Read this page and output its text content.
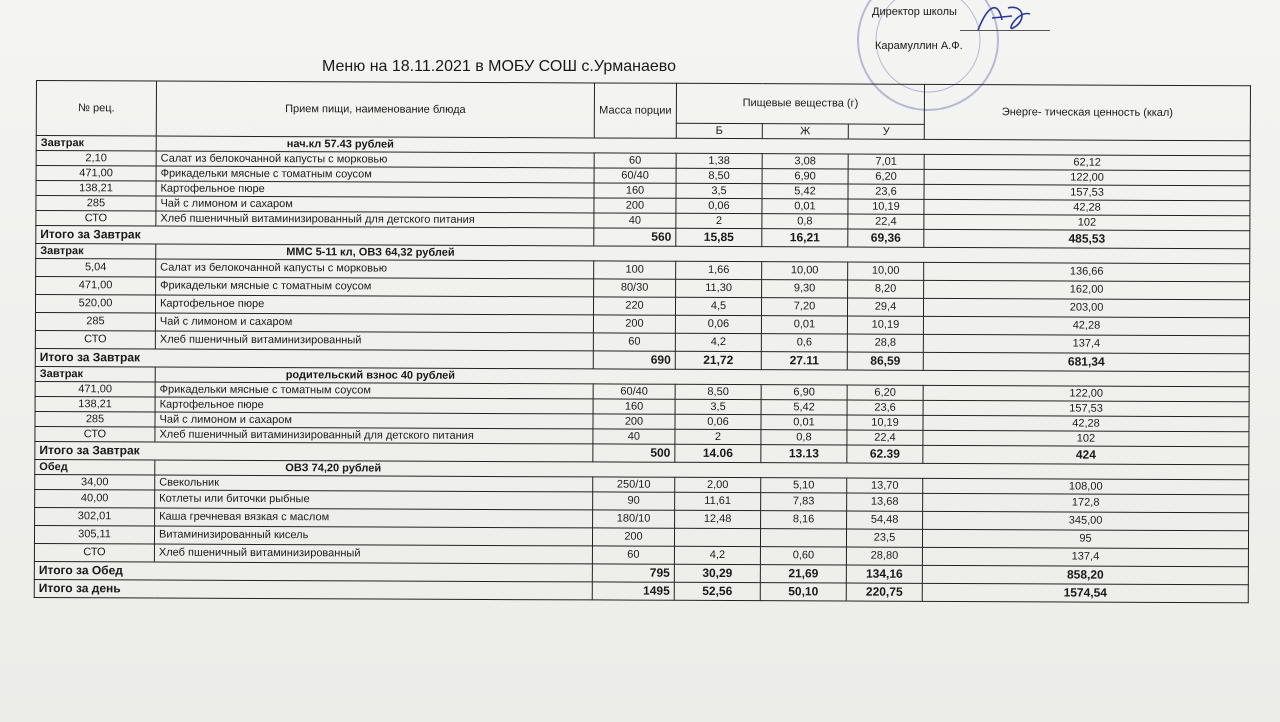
Директор школы
Карамуллин А.Ф.
Меню на 18.11.2021 в МОБУ СОШ с.Урманаево
№ рец.	Прием пищи, наименование блюда	Масса порции	Пищевые вещества (г)			Энерге- тическая ценность (ккал)
			Б	Ж	У	
Завтрак	нач.кл 57.43 рублей					
2,10	Салат из белокочанной капусты с морковью	60	1,38	3,08	7,01	62,12
471,00	Фрикадельки мясные с томатным соусом	60/40	8,50	6,90	6,20	122,00
138,21	Картофельное пюре	160	3,5	5,42	23,6	157,53
285	Чай с лимоном и сахаром	200	0,06	0,01	10,19	42,28
СТО	Хлеб пшеничный витаминизированный для детского питания	40	2	0,8	22,4	102
Итого за Завтрак		560	15,85	16,21	69,36	485,53
Завтрак	ММС 5-11 кл, ОВЗ 64,32 рублей					
5,04	Салат из белокочанной капусты с морковью	100	1,66	10,00	10,00	136,66
471,00	Фрикадельки мясные с томатным соусом	80/30	11,30	9,30	8,20	162,00
520,00	Картофельное пюре	220	4,5	7,20	29,4	203,00
285	Чай с лимоном и сахаром	200	0,06	0,01	10,19	42,28
СТО	Хлеб пшеничный витаминизированный	60	4,2	0,6	28,8	137,4
Итого за Завтрак		690	21,72	27.11	86,59	681,34
Завтрак	родительский взнос 40 рублей					
471,00	Фрикадельки мясные с томатным соусом	60/40	8,50	6,90	6,20	122,00
138,21	Картофельное пюре	160	3,5	5,42	23,6	157,53
285	Чай с лимоном и сахаром	200	0,06	0,01	10,19	42,28
СТО	Хлеб пшеничный витаминизированный для детского питания	40	2	0,8	22,4	102
Итого за Завтрак		500	14.06	13.13	62.39	424
Обед	ОВЗ 74,20 рублей					
34,00	Свекольник	250/10	2,00	5,10	13,70	108,00
40,00	Котлеты или биточки рыбные	90	11,61	7,83	13,68	172,8
302,01	Каша гречневая вязкая с маслом	180/10	12,48	8,16	54,48	345,00
305,11	Витаминизированный кисель	200			23,5	95
СТО	Хлеб пшеничный витаминизированный	60	4,2	0,60	28,80	137,4
Итого за Обед		795	30,29	21,69	134,16	858,20
Итого за день		1495	52,56	50,10	220,75	1574,54
